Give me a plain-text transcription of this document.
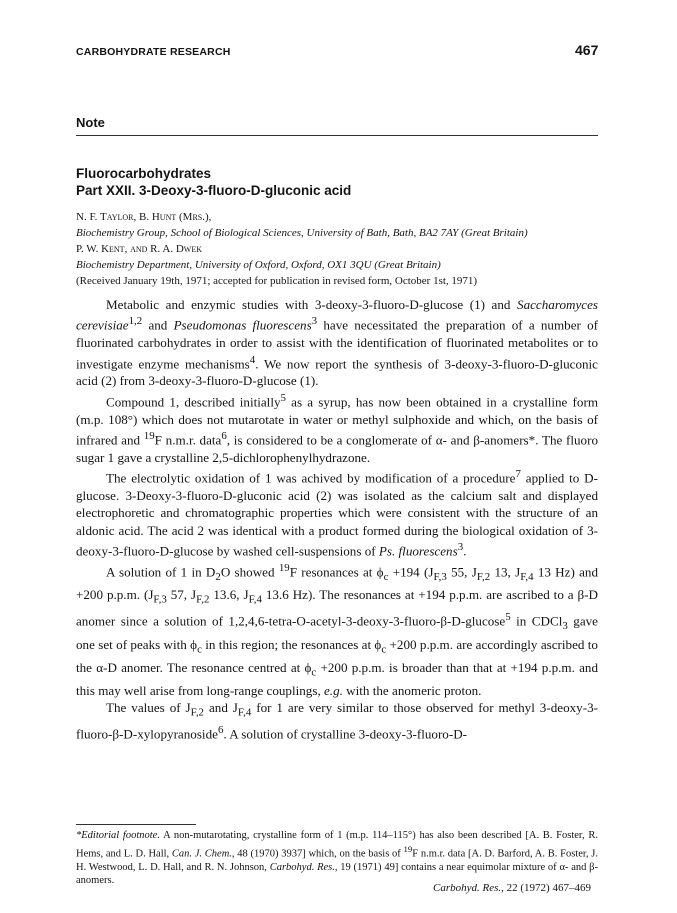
CARBOHYDRATE RESEARCH	467
Note
Fluorocarbohydrates
Part XXII. 3-Deoxy-3-fluoro-D-gluconic acid
N. F. Taylor, B. Hunt (Mrs.),
Biochemistry Group, School of Biological Sciences, University of Bath, Bath, BA2 7AY (Great Britain)
P. W. Kent, and R. A. Dwek
Biochemistry Department, University of Oxford, Oxford, OX1 3QU (Great Britain)
(Received January 19th, 1971; accepted for publication in revised form, October 1st, 1971)

Metabolic and enzymic studies with 3-deoxy-3-fluoro-D-glucose (1) and Saccharomyces cerevisiae$^{1,2}$ and Pseudomonas fluorescens$^3$ have necessitated the preparation of a number of fluorinated carbohydrates in order to assist with the identification of fluorinated metabolites or to investigate enzyme mechanisms$^4$. We now report the synthesis of 3-deoxy-3-fluoro-D-gluconic acid (2) from 3-deoxy-3-fluoro-D-glucose (1).

Compound 1, described initially$^5$ as a syrup, has now been obtained in a crystalline form (m.p. 108°) which does not mutarotate in water or methyl sulphoxide and which, on the basis of infrared and $^{19}$F n.m.r. data$^6$, is considered to be a conglomerate of α- and β-anomers*. The fluoro sugar 1 gave a crystalline 2,5-dichlorophenylhydrazone.

The electrolytic oxidation of 1 was achived by modification of a procedure$^7$ applied to D-glucose. 3-Deoxy-3-fluoro-D-gluconic acid (2) was isolated as the calcium salt and displayed electrophoretic and chromatographic properties which were consistent with the structure of an aldonic acid. The acid 2 was identical with a product formed during the biological oxidation of 3-deoxy-3-fluoro-D-glucose by washed cell-suspensions of Ps. fluorescens$^3$.

A solution of 1 in $D_2O$ showed $^{19}$F resonances at $\phi_c +194$ ($J_{F,3}$ 55, $J_{F,2}$ 13, $J_{F,4}$ 13 Hz) and +200 p.p.m. ($J_{F,3}$ 57, $J_{F,2}$ 13.6, $J_{F,4}$ 13.6 Hz). The resonances at +194 p.p.m. are ascribed to a β-D anomer since a solution of 1,2,4,6-tetra-O-acetyl-3-deoxy-3-fluoro-β-D-glucose$^5$ in CDCl$_3$ gave one set of peaks with $\phi_c$ in this region; the resonances at $\phi_c +200$ p.p.m. are accordingly ascribed to the α-D anomer. The resonance centred at $\phi_c +200$ p.p.m. is broader than that at +194 p.p.m. and this may well arise from long-range couplings, e.g. with the anomeric proton.

The values of $J_{F,2}$ and $J_{F,4}$ for 1 are very similar to those observed for methyl 3-deoxy-3-fluoro-β-D-xylopyranoside$^6$. A solution of crystalline 3-deoxy-3-fluoro-D-

*Editorial footnote. A non-mutarotating, crystalline form of 1 (m.p. 114–115°) has also been described [A. B. Foster, R. Hems, and L. D. Hall, Can. J. Chem., 48 (1970) 3937] which, on the basis of $^{19}$F n.m.r. data [A. D. Barford, A. B. Foster, J. H. Westwood, L. D. Hall, and R. N. Johnson, Carbohyd. Res., 19 (1971) 49] contains a near equimolar mixture of α- and β-anomers.

Carbohyd. Res., 22 (1972) 467–469
